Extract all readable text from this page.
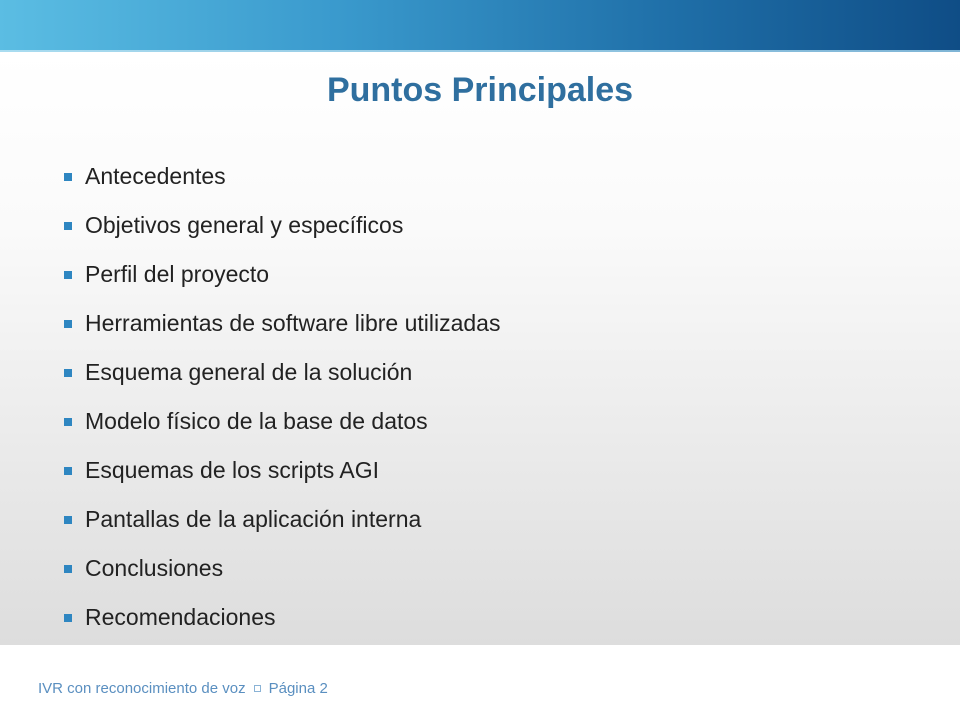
Puntos Principales
Antecedentes
Objetivos general y específicos
Perfil del proyecto
Herramientas de software libre utilizadas
Esquema general de la solución
Modelo físico de la base de datos
Esquemas de los scripts AGI
Pantallas de la aplicación interna
Conclusiones
Recomendaciones
IVR con reconocimiento de voz Página 2
